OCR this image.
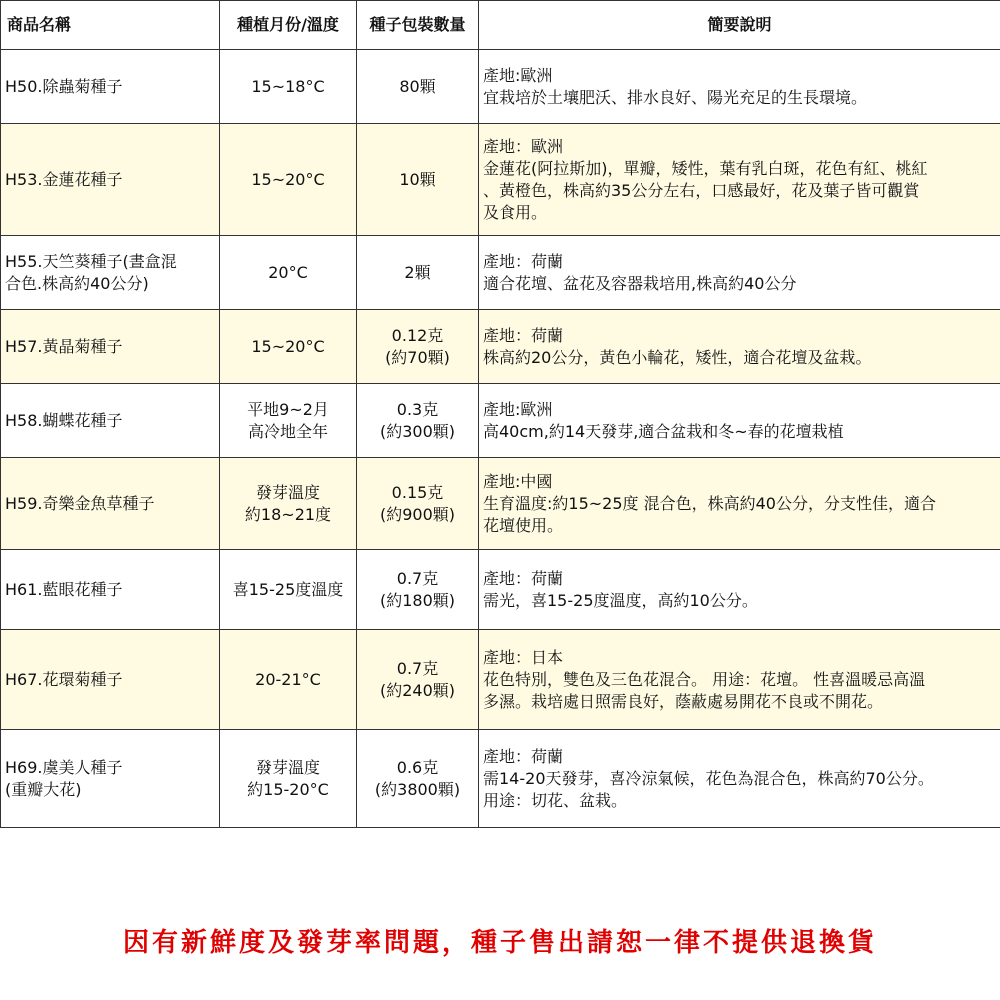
商品名稱	種植月份/溫度	種子包裝數量	簡要說明

H50.除蟲菊種子	15~18°C	80顆	產地:歐洲
宜栽培於土壤肥沃、排水良好、陽光充足的生長環境。

H53.金蓮花種子	15~20°C	10顆	產地：歐洲
金蓮花(阿拉斯加)，單瓣，矮性，葉有乳白斑，花色有紅、桃紅
、黃橙色，株高約35公分左右，口感最好，花及葉子皆可觀賞
及食用。

H55.天竺葵種子(晝盒混
合色.株高約40公分)	20°C	2顆	產地：荷蘭
適合花壇、盆花及容器栽培用,株高約40公分

H57.黃晶菊種子	15~20°C	0.12克
(約70顆)	產地：荷蘭
株高約20公分，黃色小輪花，矮性，適合花壇及盆栽。

H58.蝴蝶花種子	平地9~2月
高冷地全年	0.3克
(約300顆)	產地:歐洲
高40cm,約14天發芽,適合盆栽和冬~春的花壇栽植

H59.奇樂金魚草種子	發芽溫度
約18~21度	0.15克
(約900顆)	產地:中國
生育溫度:約15~25度 混合色，株高約40公分，分支性佳，適合
花壇使用。

H61.藍眼花種子	喜15-25度溫度	0.7克
(約180顆)	產地：荷蘭
需光，喜15-25度溫度，高約10公分。

H67.花環菊種子	20-21°C	0.7克
(約240顆)	產地：日本
花色特別，雙色及三色花混合。 用途：花壇。 性喜溫暖忌高溫
多濕。栽培處日照需良好，蔭蔽處易開花不良或不開花。

H69.虞美人種子
(重瓣大花)	發芽溫度
約15-20°C	0.6克
(約3800顆)	產地：荷蘭
需14-20天發芽，喜冷涼氣候，花色為混合色，株高約70公分。
用途：切花、盆栽。
因有新鮮度及發芽率問題，種子售出請恕一律不提供退換貨
